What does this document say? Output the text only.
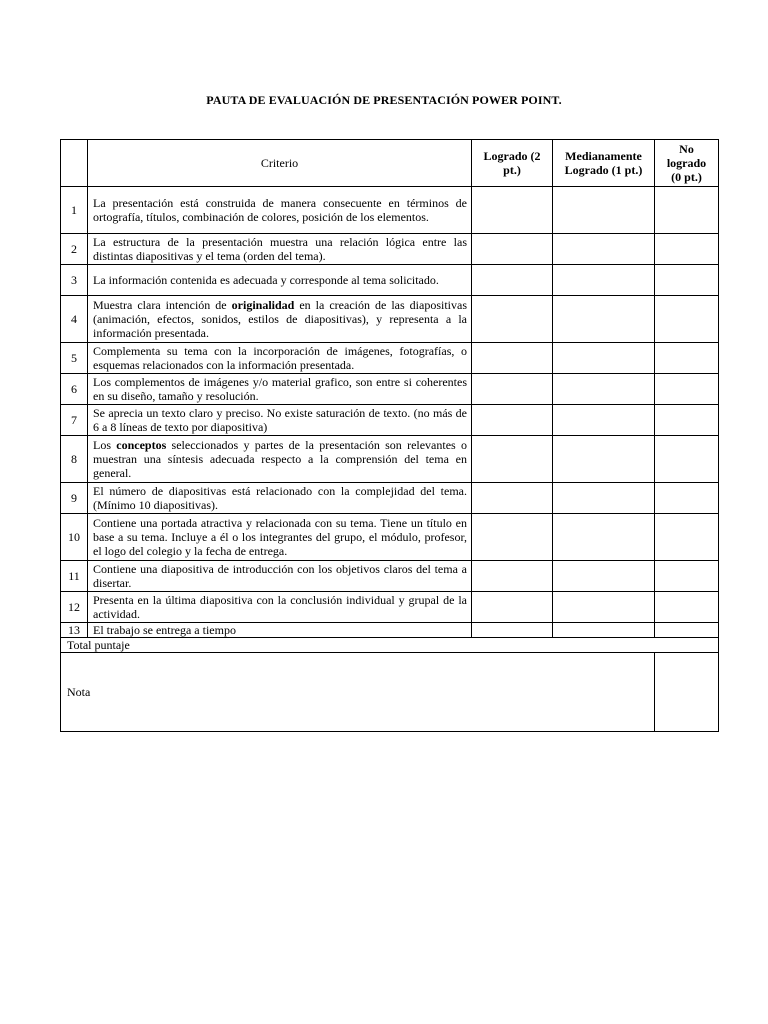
PAUTA DE EVALUACIÓN DE PRESENTACIÓN POWER POINT.
	Criterio	Logrado (2 pt.)	Medianamente Logrado (1 pt.)	No logrado (0 pt.)

1	La presentación está construida de manera consecuente en términos de ortografía, títulos, combinación de colores, posición de los elementos.			
2	La estructura de la presentación muestra una relación lógica entre las distintas diapositivas y el tema (orden del tema).			
3	La información contenida es adecuada y corresponde al tema solicitado.			
4	Muestra clara intención de originalidad en la creación de las diapositivas (animación, efectos, sonidos, estilos de diapositivas), y representa a la información presentada.			
5	Complementa su tema con la incorporación de imágenes, fotografías, o esquemas relacionados con la información presentada.			
6	Los complementos de imágenes y/o material grafico, son entre si coherentes en su diseño, tamaño y resolución.			
7	Se aprecia un texto claro y preciso. No existe saturación de texto. (no más de 6 a 8 líneas de texto por diapositiva)			
8	Los conceptos seleccionados y partes de la presentación son relevantes o muestran una síntesis adecuada respecto a la comprensión del tema en general.			
9	El número de diapositivas está relacionado con la complejidad del tema. (Mínimo 10 diapositivas).			
10	Contiene una portada atractiva y relacionada con su tema. Tiene un título en base a su tema. Incluye a él o los integrantes del grupo, el módulo, profesor, el logo del colegio y la fecha de entrega.			
11	Contiene una diapositiva de introducción con los objetivos claros del tema a disertar.			
12	Presenta en la última diapositiva con la conclusión individual y grupal de la actividad.			
13	El trabajo se entrega a tiempo			
Total puntaje				
Nota				
